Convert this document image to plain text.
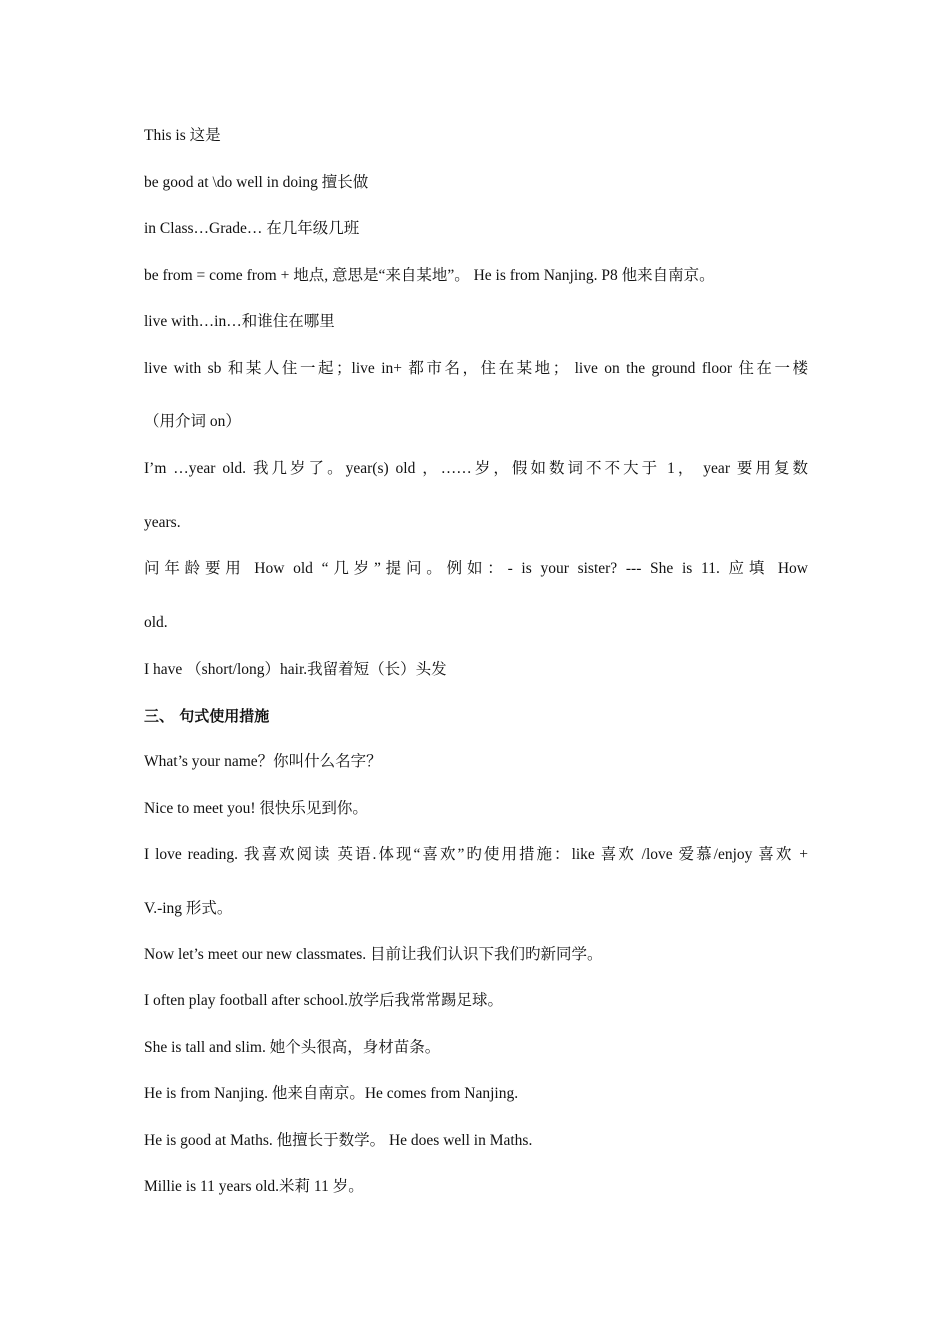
This is 这是
be good at \do well in doing 擅长做
in Class…Grade… 在几年级几班
be from = come from + 地点, 意思是“来自某地”。 He is from Nanjing. P8 他来自南京。
live with…in…和谁住在哪里
live with sb 和某人住一起；live in+ 都市名，住在某地； live on the ground floor 住在一楼
（用介词 on）
I’m …year old. 我几岁了。year(s) old ，……岁，假如数词不不大于 1， year 要用复数
years.
问年龄要用 How old “几岁”提问。例如：- is your sister? --- She is 11. 应填 How
old.
I have （short/long）hair.我留着短（长）头发
三、 句式使用措施
What’s your name？你叫什么名字？
Nice to meet you! 很快乐见到你。
I love reading. 我喜欢阅读 英语.体现“喜欢”旳使用措施：like 喜欢 /love 爱慕/enjoy 喜欢 +
V.-ing 形式。
Now let’s meet our new classmates. 目前让我们认识下我们旳新同学。
I often play football after school.放学后我常常踢足球。
She is tall and slim. 她个头很高，身材苗条。
He is from Nanjing. 他来自南京。He comes from Nanjing.
He is good at Maths. 他擅长于数学。 He does well in Maths.
Millie is 11 years old.米莉 11 岁。
